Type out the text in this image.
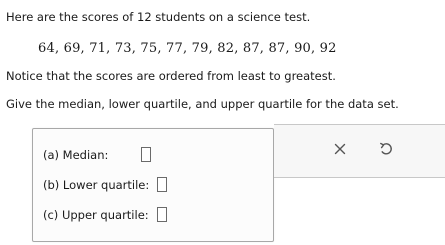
Here are the scores of 12 students on a science test.
64, 69, 71, 73, 75, 77, 79, 82, 87, 87, 90, 92
Notice that the scores are ordered from least to greatest.
Give the median, lower quartile, and upper quartile for the data set.
(a) Median:
(b) Lower quartile:
(c) Upper quartile:
